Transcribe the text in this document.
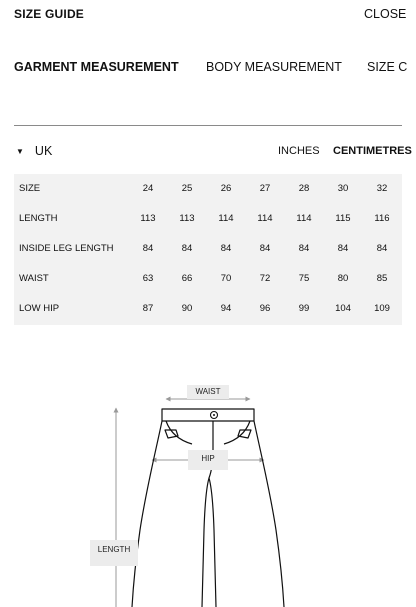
SIZE GUIDE	CLOSE
GARMENT MEASUREMENT BODY MEASUREMENT SIZE C
▼ UK	INCHES CENTIMETRES
SIZE	24	25	26	27	28	30	32
LENGTH	113	113	114	114	114	115	116
INSIDE LEG LENGTH	84	84	84	84	84	84	84
WAIST	63	66	70	72	75	80	85
LOW HIP	87	90	94	96	99	104	109
WAIST
HIP
LENGTH
